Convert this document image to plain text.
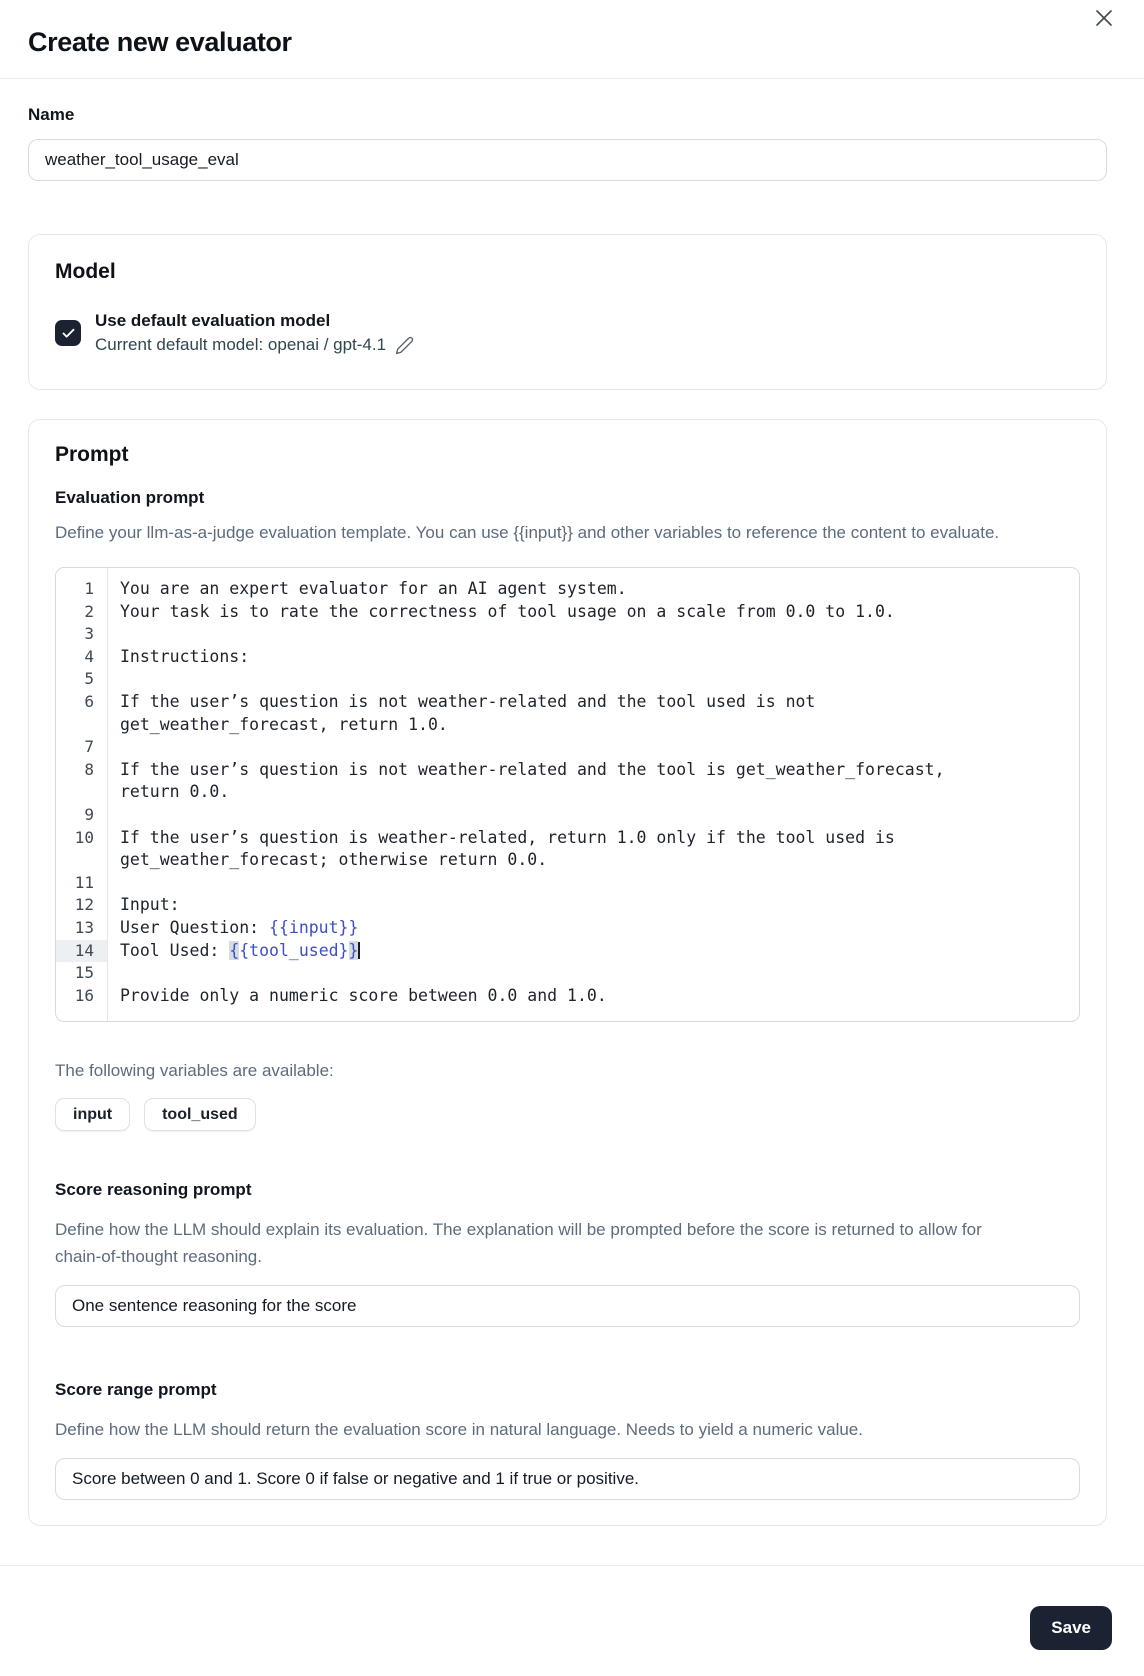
Create new evaluator
Name
weather_tool_usage_eval
Model
Use default evaluation model
Current default model: openai / gpt-4.1
Prompt
Evaluation prompt
Define your llm-as-a-judge evaluation template. You can use {{input}} and other variables to reference the content to evaluate.
1	You are an expert evaluator for an AI agent system.
2	Your task is to rate the correctness of tool usage on a scale from 0.0 to 1.0.
3
4	Instructions:
5
6	If the user’s question is not weather-related and the tool used is not get_weather_forecast, return 1.0.
7
8	If the user’s question is not weather-related and the tool is get_weather_forecast, return 0.0.
9
10	If the user’s question is weather-related, return 1.0 only if the tool used is get_weather_forecast; otherwise return 0.0.
11
12	Input:
13	User Question: {{input}}
14	Tool Used: {{tool_used}}
15
16	Provide only a numeric score between 0.0 and 1.0.
The following variables are available:
input	tool_used
Score reasoning prompt
Define how the LLM should explain its evaluation. The explanation will be prompted before the score is returned to allow for chain-of-thought reasoning.
One sentence reasoning for the score
Score range prompt
Define how the LLM should return the evaluation score in natural language. Needs to yield a numeric value.
Score between 0 and 1. Score 0 if false or negative and 1 if true or positive.
Save
